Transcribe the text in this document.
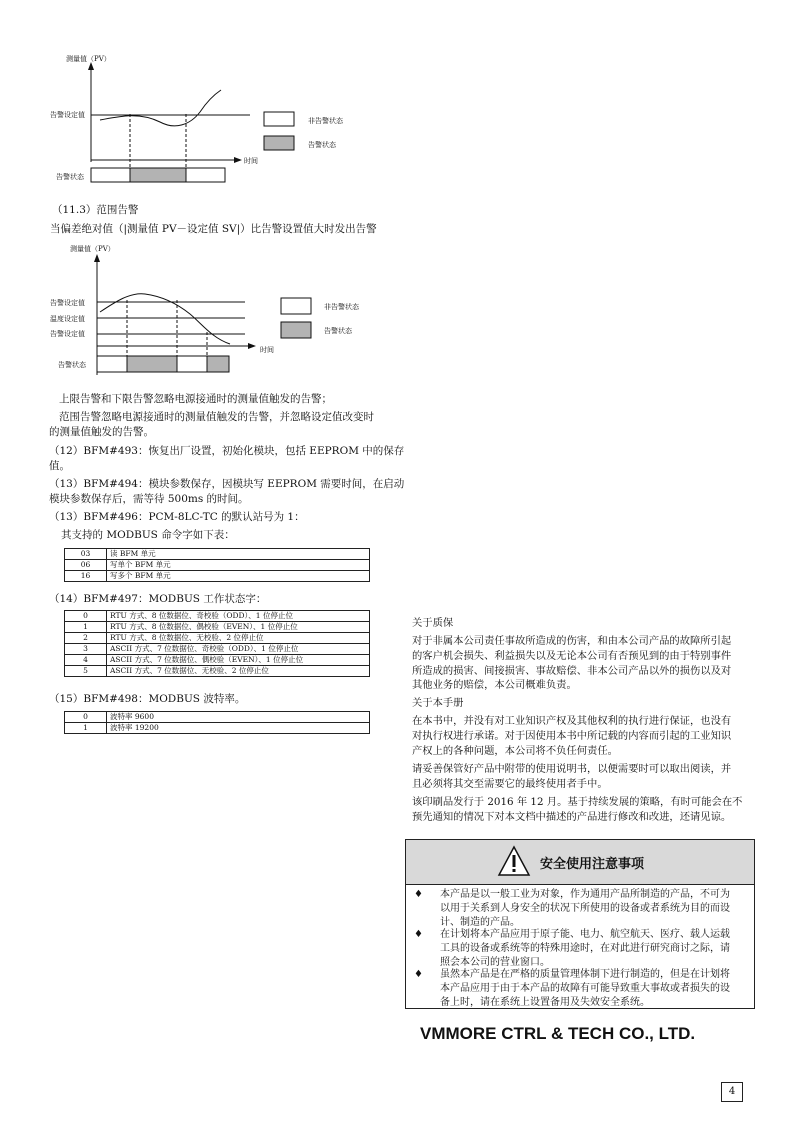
测量值（PV）
告警设定值
时间
告警状态
非告警状态
告警状态
（11.3）范围告警
当偏差绝对值（|测量值 PV－设定值 SV|）比告警设置值大时发出告警
测量值（PV）
告警设定值
温度设定值
告警设定值
时间
告警状态
非告警状态
告警状态
上限告警和下限告警忽略电源接通时的测量值触发的告警；
范围告警忽略电源接通时的测量值触发的告警，并忽略设定值改变时
的测量值触发的告警。
（12）BFM#493：恢复出厂设置，初始化模块，包括 EEPROM 中的保存
值。
（13）BFM#494：模块参数保存，因模块写 EEPROM 需要时间，在启动
模块参数保存后，需等待 500ms 的时间。
（13）BFM#496：PCM-8LC-TC 的默认站号为 1：
其支持的 MODBUS 命令字如下表：
03	读 BFM 单元
06	写单个 BFM 单元
16	写多个 BFM 单元
（14）BFM#497：MODBUS 工作状态字：
0	RTU 方式、8 位数据位、奇校验（ODD）、1 位停止位
1	RTU 方式、8 位数据位、偶校验（EVEN）、1 位停止位
2	RTU 方式、8 位数据位、无校验、2 位停止位
3	ASCII 方式、7 位数据位、奇校验（ODD）、1 位停止位
4	ASCII 方式、7 位数据位、偶校验（EVEN）、1 位停止位
5	ASCII 方式、7 位数据位、无校验、2 位停止位
（15）BFM#498：MODBUS 波特率。
0	波特率 9600
1	波特率 19200
关于质保
对于非属本公司责任事故所造成的伤害，和由本公司产品的故障所引起
的客户机会损失、利益损失以及无论本公司有否预见到的由于特别事件
所造成的损害、间接损害、事故赔偿、非本公司产品以外的损伤以及对
其他业务的赔偿，本公司概难负责。
关于本手册
在本书中，并没有对工业知识产权及其他权利的执行进行保证，也没有
对执行权进行承诺。对于因使用本书中所记载的内容而引起的工业知识
产权上的各种问题，本公司将不负任何责任。
请妥善保管好产品中附带的使用说明书，以便需要时可以取出阅读，并
且必须将其交至需要它的最终使用者手中。
该印刷品发行于 2016 年 12 月。基于持续发展的策略，有时可能会在不
预先通知的情况下对本文档中描述的产品进行修改和改进，还请见谅。
安全使用注意事项
♦ 本产品是以一般工业为对象，作为通用产品所制造的产品，不可为
以用于关系到人身安全的状况下所使用的设备或者系统为目的而设
计、制造的产品。
♦ 在计划将本产品应用于原子能、电力、航空航天、医疗、载人运载
工具的设备或系统等的特殊用途时，在对此进行研究商讨之际，请
照会本公司的营业窗口。
♦ 虽然本产品是在严格的质量管理体制下进行制造的，但是在计划将
本产品应用于由于本产品的故障有可能导致重大事故或者损失的设
备上时，请在系统上设置备用及失效安全系统。
VMMORE CTRL & TECH CO., LTD.
4
